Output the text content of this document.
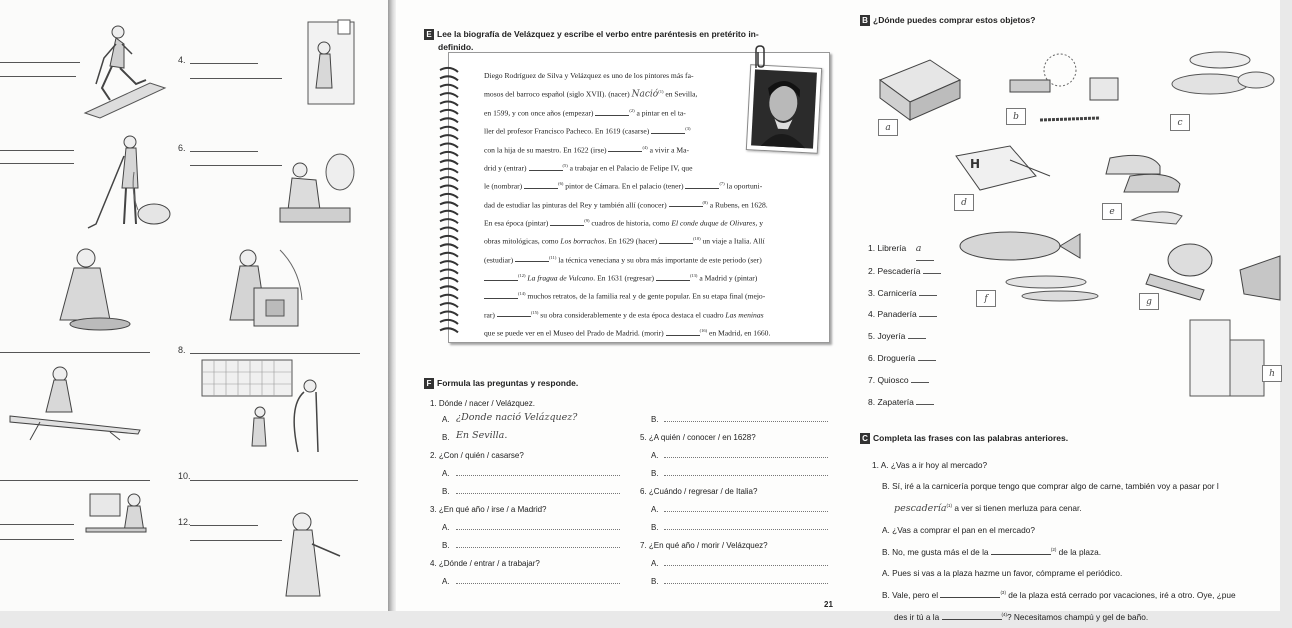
4.
6.
8.
10.
12.
E Lee la biografía de Velázquez y escribe el verbo entre paréntesis en pretérito in-
definido.
Diego Rodríguez de Silva y Velázquez es uno de los pintores más fa-
mosos del barroco español (siglo XVII). (nacer) Nació$^{(1)}$ en Sevilla,
en 1599, y con once años (empezar)	$^{(2)}$ a pintar en el ta-
ller del profesor Francisco Pacheco. En 1619 (casarse)	$^{(3)}$
con la hija de su maestro. En 1622 (irse)	$^{(4)}$ a vivir a Ma-
drid y (entrar)	$^{(5)}$ a trabajar en el Palacio de Felipe IV, que
le (nombrar)	$^{(6)}$ pintor de Cámara. En el palacio (tener)	$^{(7)}$ la oportuni-
dad de estudiar las pinturas del Rey y también allí (conocer)	$^{(8)}$ a Rubens, en 1628.
En esa época (pintar)	$^{(9)}$ cuadros de historia, como El conde duque de Olivares, y
obras mitológicas, como Los borrachos. En 1629 (hacer)	$^{(10)}$ un viaje a Italia. Allí
(estudiar)	$^{(11)}$ la técnica veneciana y su obra más importante de este periodo (ser)
$^{(12)}$ La fragua de Vulcano. En 1631 (regresar)	$^{(13)}$ a Madrid y (pintar)
$^{(14)}$ muchos retratos, de la familia real y de gente popular. En su etapa final (mejo-
rar)	$^{(15)}$ su obra considerablemente y de esta época destaca el cuadro Las meninas
que se puede ver en el Museo del Prado de Madrid. (morir)	$^{(16)}$ en Madrid, en 1660.
F Formula las preguntas y responde.
1. Dónde / nacer / Velázquez.
A. ¿Donde nació Velázquez?
B. En Sevilla.
2. ¿Con / quién / casarse?
A.
B.
3. ¿En qué año / irse / a Madrid?
A.
B.
4. ¿Dónde / entrar / a trabajar?
A.
B.
5. ¿A quién / conocer / en 1628?
A.
B.
6. ¿Cuándo / regresar / de Italia?
A.
B.
7. ¿En qué año / morir / Velázquez?
A.
B.
21
B ¿Dónde puedes comprar estos objetos?
H
a
b
c
d
e
f	g
h
1. Librería a
2. Pescadería
3. Carnicería
4. Panadería
5. Joyería
6. Droguería
7. Quiosco
8. Zapatería
C Completa las frases con las palabras anteriores.
1. A. ¿Vas a ir hoy al mercado?
B. Sí, iré a la carnicería porque tengo que comprar algo de carne, también voy a pasar por l
pescadería$^{(1)}$ a ver si tienen merluza para cenar.
A. ¿Vas a comprar el pan en el mercado?
B. No, me gusta más el de la	$^{(2)}$ de la plaza.
A. Pues si vas a la plaza hazme un favor, cómprame el periódico.
B. Vale, pero el	$^{(3)}$ de la plaza está cerrado por vacaciones, iré a otro. Oye, ¿pue
des ir tú a la	$^{(4)}$? Necesitamos champú y gel de baño.
